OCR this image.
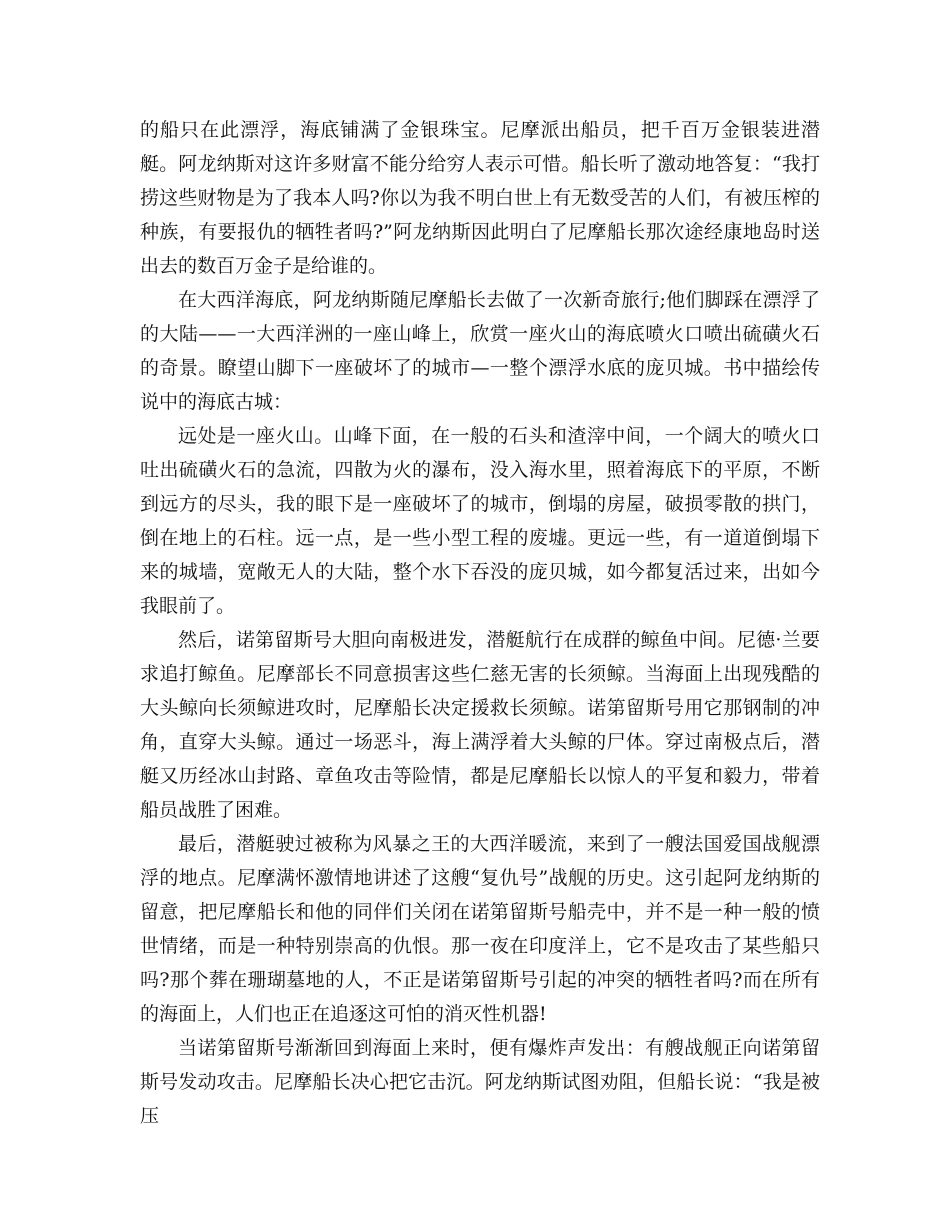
的船只在此漂浮，海底铺满了金银珠宝。尼摩派出船员，把千百万金银装进潜艇。阿龙纳斯对这许多财富不能分给穷人表示可惜。船长听了激动地答复：“我打捞这些财物是为了我本人吗?你以为我不明白世上有无数受苦的人们，有被压榨的种族，有要报仇的牺牲者吗?”阿龙纳斯因此明白了尼摩船长那次途经康地岛时送出去的数百万金子是给谁的。

在大西洋海底，阿龙纳斯随尼摩船长去做了一次新奇旅行;他们脚踩在漂浮了的大陆——一大西洋洲的一座山峰上，欣赏一座火山的海底喷火口喷出硫磺火石的奇景。瞭望山脚下一座破坏了的城市—一整个漂浮水底的庞贝城。书中描绘传说中的海底古城：

远处是一座火山。山峰下面，在一般的石头和渣滓中间，一个阔大的喷火口吐出硫磺火石的急流，四散为火的瀑布，没入海水里，照着海底下的平原，不断到远方的尽头，我的眼下是一座破坏了的城市，倒塌的房屋，破损零散的拱门，倒在地上的石柱。远一点，是一些小型工程的废墟。更远一些，有一道道倒塌下来的城墙，宽敞无人的大陆，整个水下吞没的庞贝城，如今都复活过来，出如今我眼前了。

然后，诺第留斯号大胆向南极进发，潜艇航行在成群的鲸鱼中间。尼德·兰要求追打鲸鱼。尼摩部长不同意损害这些仁慈无害的长须鲸。当海面上出现残酷的大头鲸向长须鲸进攻时，尼摩船长决定援救长须鲸。诺第留斯号用它那钢制的冲角，直穿大头鲸。通过一场恶斗，海上满浮着大头鲸的尸体。穿过南极点后，潜艇又历经冰山封路、章鱼攻击等险情，都是尼摩船长以惊人的平复和毅力，带着船员战胜了困难。

最后，潜艇驶过被称为风暴之王的大西洋暖流，来到了一艘法国爱国战舰漂浮的地点。尼摩满怀激情地讲述了这艘“复仇号”战舰的历史。这引起阿龙纳斯的留意，把尼摩船长和他的同伴们关闭在诺第留斯号船壳中，并不是一种一般的愤世情绪，而是一种特别崇高的仇恨。那一夜在印度洋上，它不是攻击了某些船只吗?那个葬在珊瑚墓地的人，不正是诺第留斯号引起的冲突的牺牲者吗?而在所有的海面上，人们也正在追逐这可怕的消灭性机器!

当诺第留斯号渐渐回到海面上来时，便有爆炸声发出：有艘战舰正向诺第留斯号发动攻击。尼摩船长决心把它击沉。阿龙纳斯试图劝阻，但船长说：“我是被压
